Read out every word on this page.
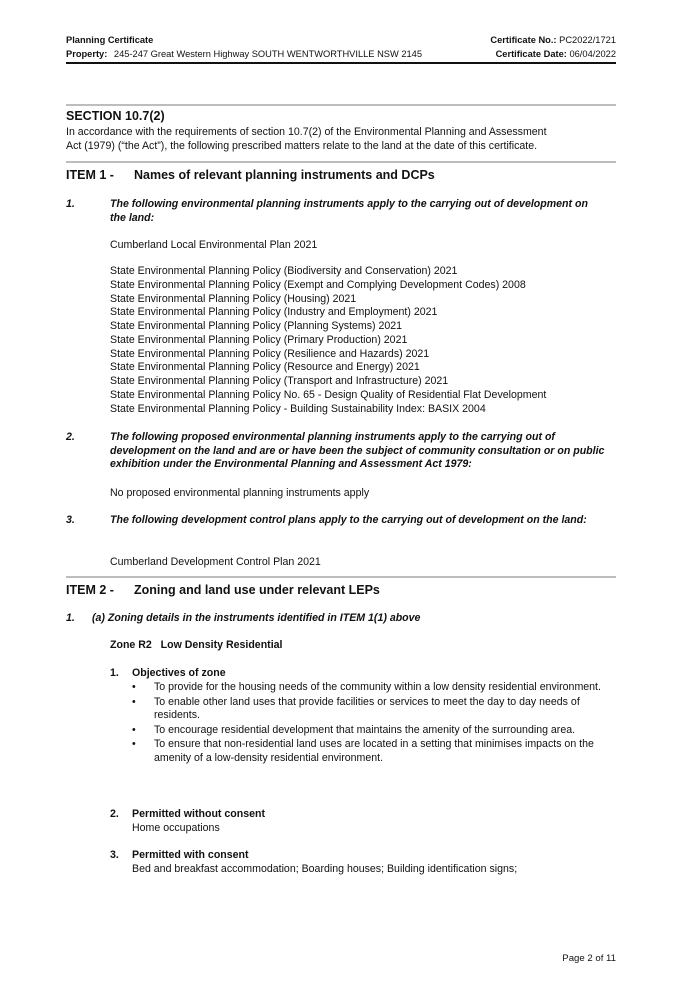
Planning Certificate	Certificate No.: PC2022/1721
Property: 245-247 Great Western Highway SOUTH WENTWORTHVILLE NSW 2145	Certificate Date: 06/04/2022
SECTION 10.7(2)
In accordance with the requirements of section 10.7(2) of the Environmental Planning and Assessment
Act (1979) (“the Act”), the following prescribed matters relate to the land at the date of this certificate.
ITEM 1 - Names of relevant planning instruments and DCPs
1.	The following environmental planning instruments apply to the carrying out of development on the land:
Cumberland Local Environmental Plan 2021
State Environmental Planning Policy (Biodiversity and Conservation) 2021
State Environmental Planning Policy (Exempt and Complying Development Codes) 2008
State Environmental Planning Policy (Housing) 2021
State Environmental Planning Policy (Industry and Employment) 2021
State Environmental Planning Policy (Planning Systems) 2021
State Environmental Planning Policy (Primary Production) 2021
State Environmental Planning Policy (Resilience and Hazards) 2021
State Environmental Planning Policy (Resource and Energy) 2021
State Environmental Planning Policy (Transport and Infrastructure) 2021
State Environmental Planning Policy No. 65 - Design Quality of Residential Flat Development
State Environmental Planning Policy - Building Sustainability Index: BASIX 2004
2.	The following proposed environmental planning instruments apply to the carrying out of development on the land and are or have been the subject of community consultation or on public exhibition under the Environmental Planning and Assessment Act 1979:
No proposed environmental planning instruments apply
3.	The following development control plans apply to the carrying out of development on the land:
Cumberland Development Control Plan 2021
ITEM 2 - Zoning and land use under relevant LEPs
1. (a) Zoning details in the instruments identified in ITEM 1(1) above
Zone R2   Low Density Residential
1. Objectives of zone
• To provide for the housing needs of the community within a low density residential environment.
• To enable other land uses that provide facilities or services to meet the day to day needs of residents.
• To encourage residential development that maintains the amenity of the surrounding area.
• To ensure that non-residential land uses are located in a setting that minimises impacts on the amenity of a low-density residential environment.
2. Permitted without consent
Home occupations
3. Permitted with consent
Bed and breakfast accommodation; Boarding houses; Building identification signs;
Page 2 of 11
